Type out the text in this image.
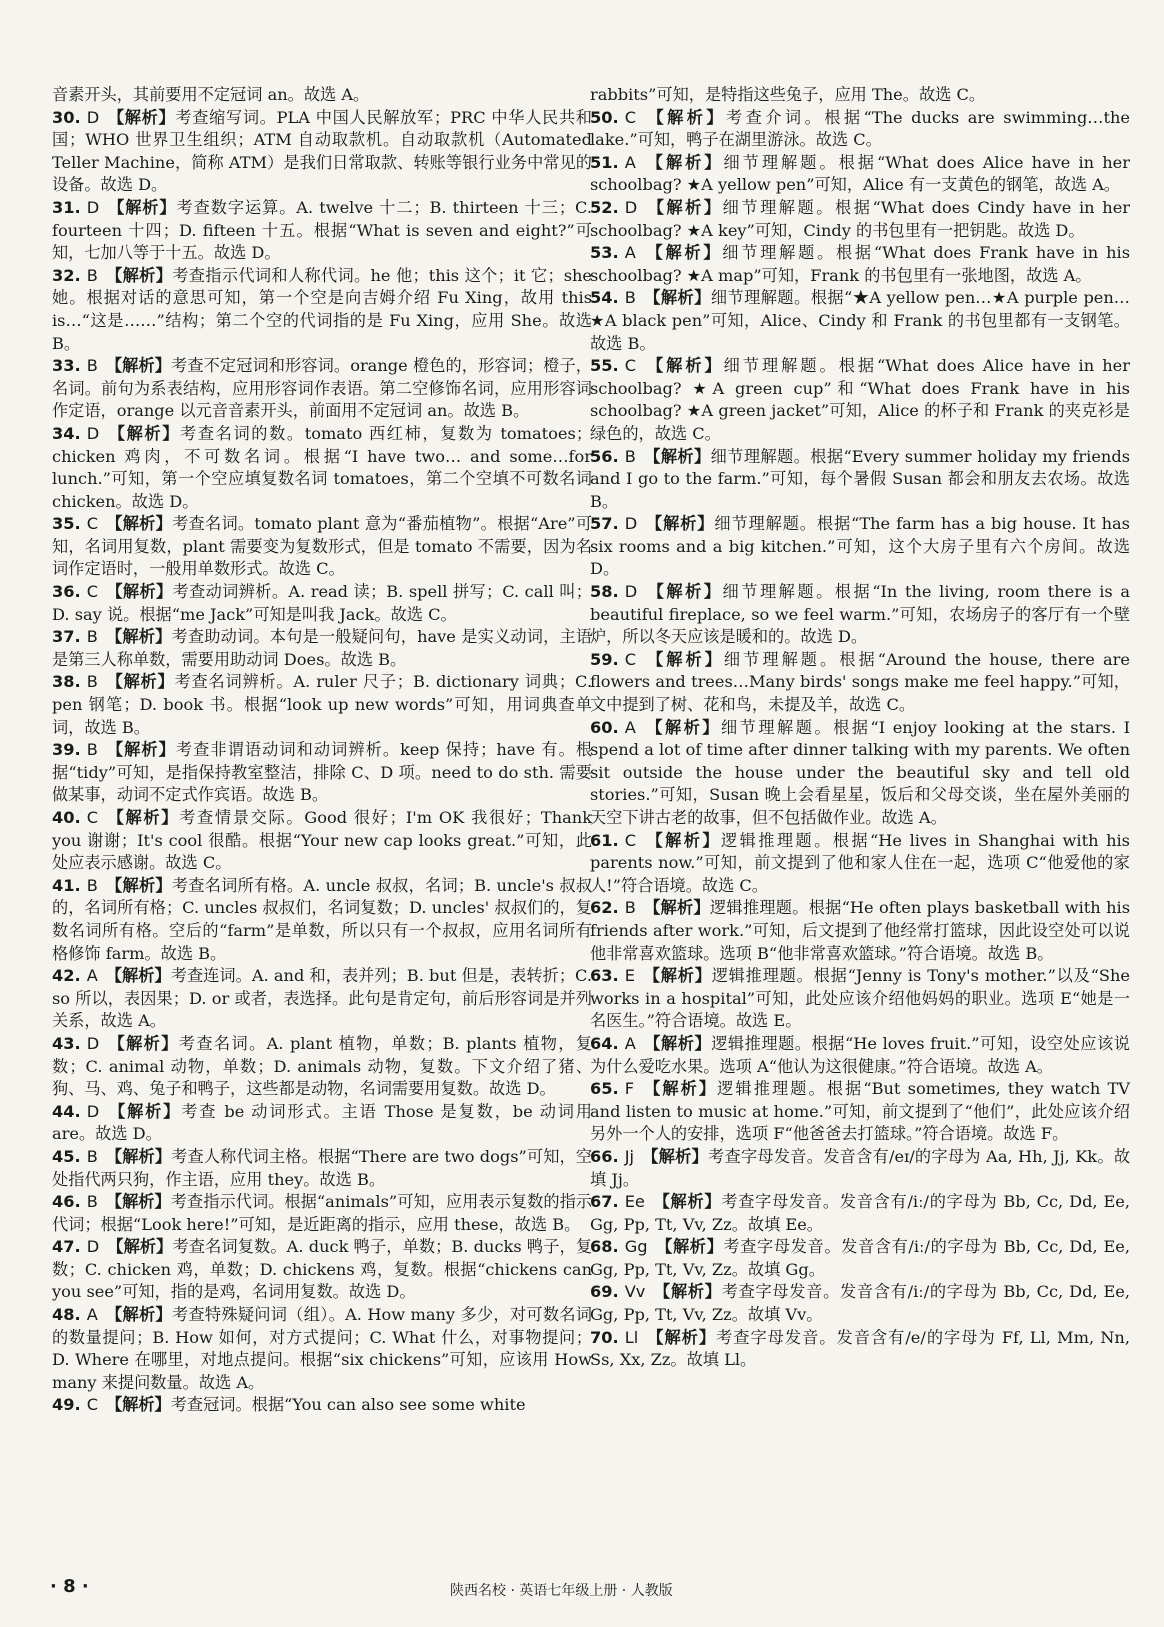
音素开头，其前要用不定冠词 an。故选 A。
30. D 【解析】考查缩写词。PLA 中国人民解放军；PRC 中华人民共和国；WHO 世界卫生组织；ATM 自动取款机。自动取款机（Automated Teller Machine，简称 ATM）是我们日常取款、转账等银行业务中常见的设备。故选 D。
31. D 【解析】考查数字运算。A. twelve 十二；B. thirteen 十三；C. fourteen 十四；D. fifteen 十五。根据“What is seven and eight?”可知，七加八等于十五。故选 D。
32. B 【解析】考查指示代词和人称代词。he 他；this 这个；it 它；she 她。根据对话的意思可知，第一个空是向吉姆介绍 Fu Xing，故用 this is…“这是……”结构；第二个空的代词指的是 Fu Xing，应用 She。故选 B。
33. B 【解析】考查不定冠词和形容词。orange 橙色的，形容词；橙子，名词。前句为系表结构，应用形容词作表语。第二空修饰名词，应用形容词作定语，orange 以元音音素开头，前面用不定冠词 an。故选 B。
34. D 【解析】考查名词的数。tomato 西红柿，复数为 tomatoes；chicken 鸡肉，不可数名词。根据“I have two… and some…for lunch.”可知，第一个空应填复数名词 tomatoes，第二个空填不可数名词 chicken。故选 D。
35. C 【解析】考查名词。tomato plant 意为“番茄植物”。根据“Are”可知，名词用复数，plant 需要变为复数形式，但是 tomato 不需要，因为名词作定语时，一般用单数形式。故选 C。
36. C 【解析】考查动词辨析。A. read 读；B. spell 拼写；C. call 叫；D. say 说。根据“me Jack”可知是叫我 Jack。故选 C。
37. B 【解析】考查助动词。本句是一般疑问句，have 是实义动词，主语是第三人称单数，需要用助动词 Does。故选 B。
38. B 【解析】考查名词辨析。A. ruler 尺子；B. dictionary 词典；C. pen 钢笔；D. book 书。根据“look up new words”可知，用词典查单词，故选 B。
39. B 【解析】考查非谓语动词和动词辨析。keep 保持；have 有。根据“tidy”可知，是指保持教室整洁，排除 C、D 项。need to do sth. 需要做某事，动词不定式作宾语。故选 B。
40. C 【解析】考查情景交际。Good 很好；I'm OK 我很好；Thank you 谢谢；It's cool 很酷。根据“Your new cap looks great.”可知，此处应表示感谢。故选 C。
41. B 【解析】考查名词所有格。A. uncle 叔叔，名词；B. uncle's 叔叔的，名词所有格；C. uncles 叔叔们，名词复数；D. uncles' 叔叔们的，复数名词所有格。空后的“farm”是单数，所以只有一个叔叔，应用名词所有格修饰 farm。故选 B。
42. A 【解析】考查连词。A. and 和，表并列；B. but 但是，表转折；C. so 所以，表因果；D. or 或者，表选择。此句是肯定句，前后形容词是并列关系，故选 A。
43. D 【解析】考查名词。A. plant 植物，单数；B. plants 植物，复数；C. animal 动物，单数；D. animals 动物，复数。下文介绍了猪、狗、马、鸡、兔子和鸭子，这些都是动物，名词需要用复数。故选 D。
44. D 【解析】考查 be 动词形式。主语 Those 是复数，be 动词用 are。故选 D。
45. B 【解析】考查人称代词主格。根据“There are two dogs”可知，空处指代两只狗，作主语，应用 they。故选 B。
46. B 【解析】考查指示代词。根据“animals”可知，应用表示复数的指示代词；根据“Look here!”可知，是近距离的指示，应用 these，故选 B。
47. D 【解析】考查名词复数。A. duck 鸭子，单数；B. ducks 鸭子，复数；C. chicken 鸡，单数；D. chickens 鸡，复数。根据“chickens can you see”可知，指的是鸡，名词用复数。故选 D。
48. A 【解析】考查特殊疑问词（组）。A. How many 多少，对可数名词的数量提问；B. How 如何，对方式提问；C. What 什么，对事物提问；D. Where 在哪里，对地点提问。根据“six chickens”可知，应该用 How many 来提问数量。故选 A。
49. C 【解析】考查冠词。根据“You can also see some white
rabbits”可知，是特指这些兔子，应用 The。故选 C。
50. C 【解析】考查介词。根据“The ducks are swimming…the lake.”可知，鸭子在湖里游泳。故选 C。
51. A 【解析】细节理解题。根据“What does Alice have in her schoolbag? ★A yellow pen”可知，Alice 有一支黄色的钢笔，故选 A。
52. D 【解析】细节理解题。根据“What does Cindy have in her schoolbag? ★A key”可知，Cindy 的书包里有一把钥匙。故选 D。
53. A 【解析】细节理解题。根据“What does Frank have in his schoolbag? ★A map”可知，Frank 的书包里有一张地图，故选 A。
54. B 【解析】细节理解题。根据“★A yellow pen…★A purple pen…★A black pen”可知，Alice、Cindy 和 Frank 的书包里都有一支钢笔。故选 B。
55. C 【解析】细节理解题。根据“What does Alice have in her schoolbag? ★A green cup”和“What does Frank have in his schoolbag? ★A green jacket”可知，Alice 的杯子和 Frank 的夹克衫是绿色的，故选 C。
56. B 【解析】细节理解题。根据“Every summer holiday my friends and I go to the farm.”可知，每个暑假 Susan 都会和朋友去农场。故选 B。
57. D 【解析】细节理解题。根据“The farm has a big house. It has six rooms and a big kitchen.”可知，这个大房子里有六个房间。故选 D。
58. D 【解析】细节理解题。根据“In the living, room there is a beautiful fireplace, so we feel warm.”可知，农场房子的客厅有一个壁炉，所以冬天应该是暖和的。故选 D。
59. C 【解析】细节理解题。根据“Around the house, there are flowers and trees…Many birds' songs make me feel happy.”可知，文中提到了树、花和鸟，未提及羊，故选 C。
60. A 【解析】细节理解题。根据“I enjoy looking at the stars. I spend a lot of time after dinner talking with my parents. We often sit outside the house under the beautiful sky and tell old stories.”可知，Susan 晚上会看星星，饭后和父母交谈，坐在屋外美丽的天空下讲古老的故事，但不包括做作业。故选 A。
61. C 【解析】逻辑推理题。根据“He lives in Shanghai with his parents now.”可知，前文提到了他和家人住在一起，选项 C“他爱他的家人!”符合语境。故选 C。
62. B 【解析】逻辑推理题。根据“He often plays basketball with his friends after work.”可知，后文提到了他经常打篮球，因此设空处可以说他非常喜欢篮球。选项 B“他非常喜欢篮球。”符合语境。故选 B。
63. E 【解析】逻辑推理题。根据“Jenny is Tony's mother.”以及“She works in a hospital”可知，此处应该介绍他妈妈的职业。选项 E“她是一名医生。”符合语境。故选 E。
64. A 【解析】逻辑推理题。根据“He loves fruit.”可知，设空处应该说为什么爱吃水果。选项 A“他认为这很健康。”符合语境。故选 A。
65. F 【解析】逻辑推理题。根据“But sometimes, they watch TV and listen to music at home.”可知，前文提到了“他们”，此处应该介绍另外一个人的安排，选项 F“他爸爸去打篮球。”符合语境。故选 F。
66. Jj 【解析】考查字母发音。发音含有/eɪ/的字母为 Aa, Hh, Jj, Kk。故填 Jj。
67. Ee 【解析】考查字母发音。发音含有/iː/的字母为 Bb, Cc, Dd, Ee, Gg, Pp, Tt, Vv, Zz。故填 Ee。
68. Gg 【解析】考查字母发音。发音含有/iː/的字母为 Bb, Cc, Dd, Ee, Gg, Pp, Tt, Vv, Zz。故填 Gg。
69. Vv 【解析】考查字母发音。发音含有/iː/的字母为 Bb, Cc, Dd, Ee, Gg, Pp, Tt, Vv, Zz。故填 Vv。
70. Ll 【解析】考查字母发音。发音含有/e/的字母为 Ff, Ll, Mm, Nn, Ss, Xx, Zz。故填 Ll。
· 8 ·	陕西名校 · 英语七年级上册 · 人教版
